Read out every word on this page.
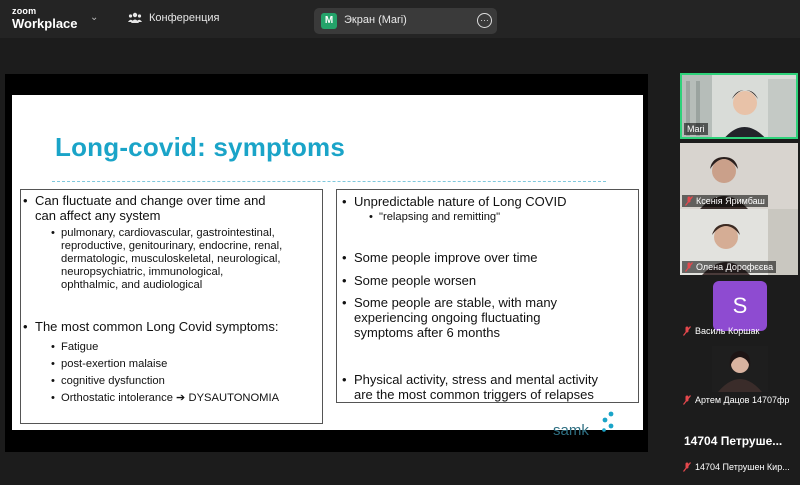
zoom
Workplace ⌄	Конференция	M Экран (Mari)	…
Long-covid: symptoms
• Can fluctuate and change over time and
can affect any system
• pulmonary, cardiovascular, gastrointestinal,
reproductive, genitourinary, endocrine, renal,
dermatologic, musculoskeletal, neurological,
neuropsychiatric, immunological,
ophthalmic, and audiological
• The most common Long Covid symptoms:
• Fatigue
• post-exertion malaise
• cognitive dysfunction
• Orthostatic intolerance ➔ DYSAUTONOMIA
• Unpredictable nature of Long COVID
• "relapsing and remitting"
• Some people improve over time
• Some people worsen
• Some people are stable, with many
experiencing ongoing fluctuating
symptoms after 6 months
• Physical activity, stress and mental activity
are the most common triggers of relapses
samk
Mari
Ксенія Яримбаш
Олена Дорофєєва
S
Василь Коршак
Артем Дацов 14707фр
14704 Петруше...
14704 Петрушен Кир...
